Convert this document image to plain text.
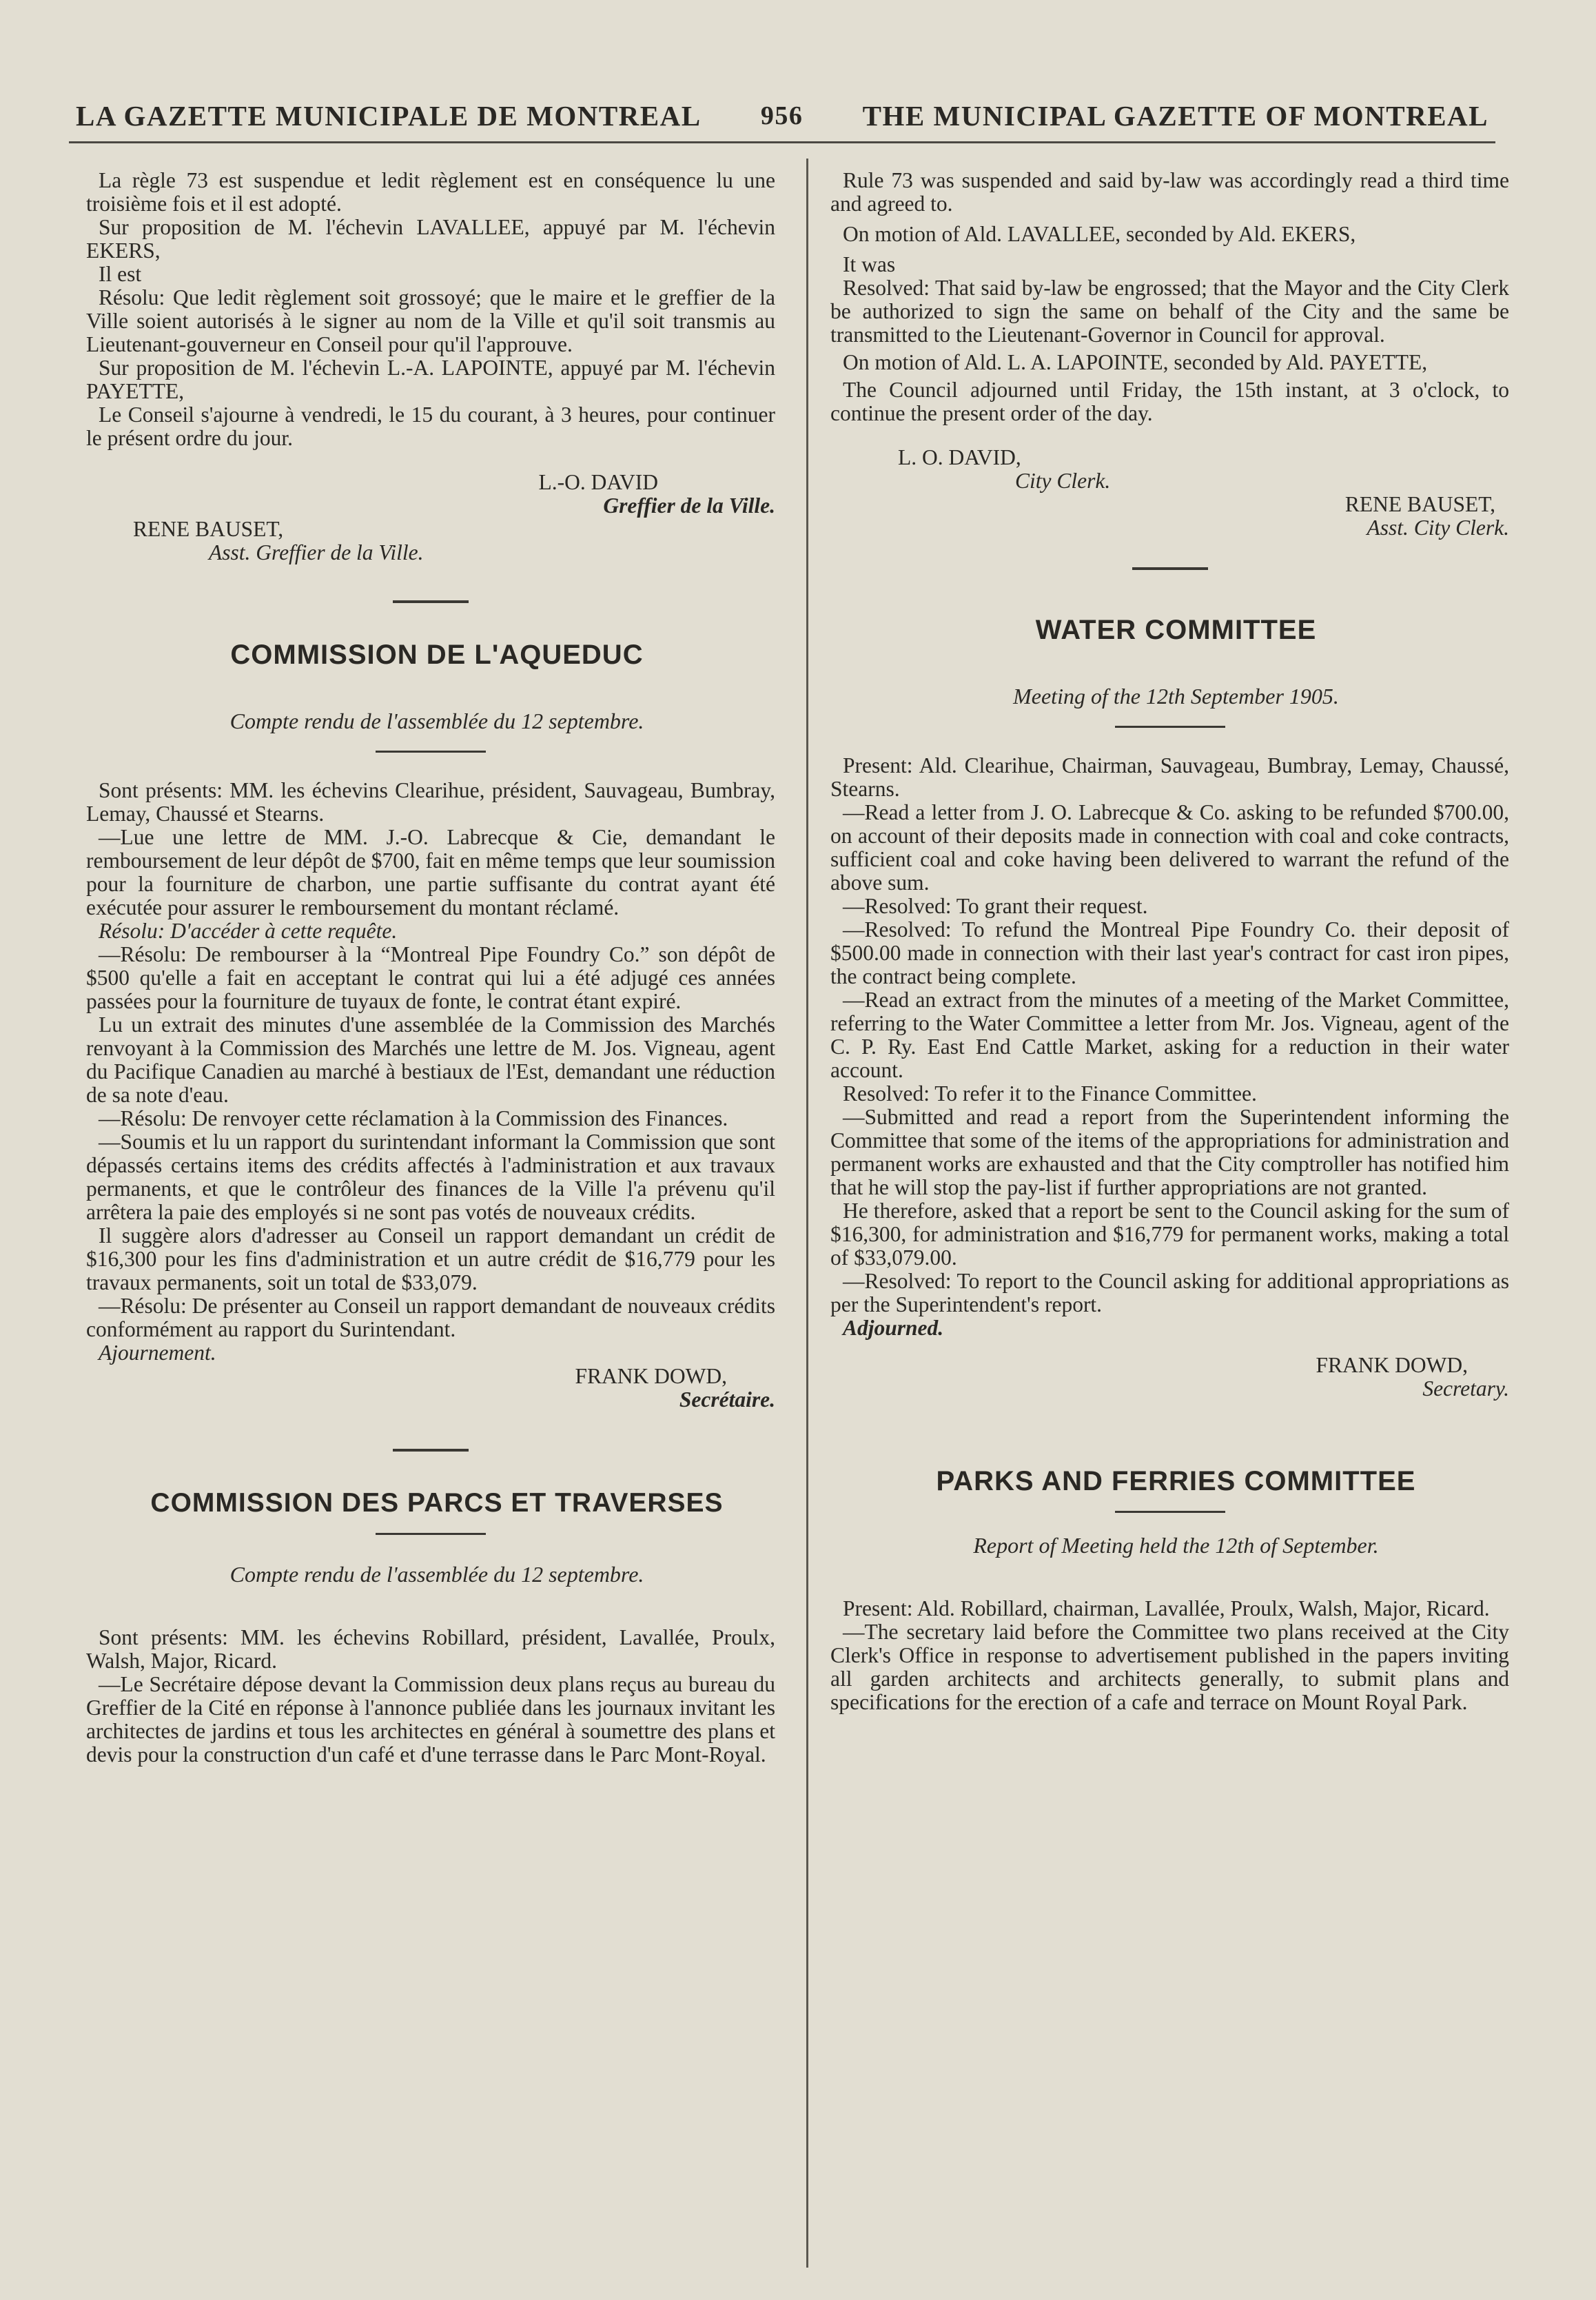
LA GAZETTE MUNICIPALE DE MONTREAL 956 THE MUNICIPAL GAZETTE OF MONTREAL

La règle 73 est suspendue et ledit règlement est en conséquence lu une troisième fois et il est adopté.

Sur proposition de M. l'échevin LAVALLEE, appuyé par M. l'échevin EKERS,

Il est

Résolu: Que ledit règlement soit grossoyé; que le maire et le greffier de la Ville soient autorisés à le signer au nom de la Ville et qu'il soit transmis au Lieutenant-gouverneur en Conseil pour qu'il l'approuve.

Sur proposition de M. l'échevin L.-A. LAPOINTE, appuyé par M. l'échevin PAYETTE,

Le Conseil s'ajourne à vendredi, le 15 du courant, à 3 heures, pour continuer le présent ordre du jour.

L.-O. DAVID

Greffier de la Ville.

RENE BAUSET,

Asst. Greffier de la Ville.

COMMISSION DE L'AQUEDUC

Compte rendu de l'assemblée du 12 septembre.

Sont présents: MM. les échevins Clearihue, président, Sauvageau, Bumbray, Lemay, Chaussé et Stearns.

—Lue une lettre de MM. J.-O. Labrecque & Cie, demandant le remboursement de leur dépôt de $700, fait en même temps que leur soumission pour la fourniture de charbon, une partie suffisante du contrat ayant été exécutée pour assurer le remboursement du montant réclamé.

Résolu: D'accéder à cette requête.

—Résolu: De rembourser à la “Montreal Pipe Foundry Co.” son dépôt de $500 qu'elle a fait en acceptant le contrat qui lui a été adjugé ces années passées pour la fourniture de tuyaux de fonte, le contrat étant expiré.

Lu un extrait des minutes d'une assemblée de la Commission des Marchés renvoyant à la Commission des Marchés une lettre de M. Jos. Vigneau, agent du Pacifique Canadien au marché à bestiaux de l'Est, demandant une réduction de sa note d'eau.

—Résolu: De renvoyer cette réclamation à la Commission des Finances.

—Soumis et lu un rapport du surintendant informant la Commission que sont dépassés certains items des crédits affectés à l'administration et aux travaux permanents, et que le contrôleur des finances de la Ville l'a prévenu qu'il arrêtera la paie des employés si ne sont pas votés de nouveaux crédits.

Il suggère alors d'adresser au Conseil un rapport demandant un crédit de $16,300 pour les fins d'administration et un autre crédit de $16,779 pour les travaux permanents, soit un total de $33,079.

—Résolu: De présenter au Conseil un rapport demandant de nouveaux crédits conformément au rapport du Surintendant.

Ajournement.

FRANK DOWD,

Secrétaire.

COMMISSION DES PARCS ET TRAVERSES

Compte rendu de l'assemblée du 12 septembre.

Sont présents: MM. les échevins Robillard, président, Lavallée, Proulx, Walsh, Major, Ricard.

—Le Secrétaire dépose devant la Commission deux plans reçus au bureau du Greffier de la Cité en réponse à l'annonce publiée dans les journaux invitant les architectes de jardins et tous les architectes en général à soumettre des plans et devis pour la construction d'un café et d'une terrasse dans le Parc Mont-Royal.

Rule 73 was suspended and said by-law was accordingly read a third time and agreed to.

On motion of Ald. LAVALLEE, seconded by Ald. EKERS,

It was

Resolved: That said by-law be engrossed; that the Mayor and the City Clerk be authorized to sign the same on behalf of the City and the same be transmitted to the Lieutenant-Governor in Council for approval.

On motion of Ald. L. A. LAPOINTE, seconded by Ald. PAYETTE,

The Council adjourned until Friday, the 15th instant, at 3 o'clock, to continue the present order of the day.

L. O. DAVID,

City Clerk.

RENE BAUSET,

Asst. City Clerk.

WATER COMMITTEE

Meeting of the 12th September 1905.

Present: Ald. Clearihue, Chairman, Sauvageau, Bumbray, Lemay, Chaussé, Stearns.

—Read a letter from J. O. Labrecque & Co. asking to be refunded $700.00, on account of their deposits made in connection with coal and coke contracts, sufficient coal and coke having been delivered to warrant the refund of the above sum.

—Resolved: To grant their request.

—Resolved: To refund the Montreal Pipe Foundry Co. their deposit of $500.00 made in connection with their last year's contract for cast iron pipes, the contract being complete.

—Read an extract from the minutes of a meeting of the Market Committee, referring to the Water Committee a letter from Mr. Jos. Vigneau, agent of the C. P. Ry. East End Cattle Market, asking for a reduction in their water account.

Resolved: To refer it to the Finance Committee.

—Submitted and read a report from the Superintendent informing the Committee that some of the items of the appropriations for administration and permanent works are exhausted and that the City comptroller has notified him that he will stop the pay-list if further appropriations are not granted.

He therefore, asked that a report be sent to the Council asking for the sum of $16,300, for administration and $16,779 for permanent works, making a total of $33,079.00.

—Resolved: To report to the Council asking for additional appropriations as per the Superintendent's report.

Adjourned.

FRANK DOWD,

Secretary.

PARKS AND FERRIES COMMITTEE

Report of Meeting held the 12th of September.

Present: Ald. Robillard, chairman, Lavallée, Proulx, Walsh, Major, Ricard.

—The secretary laid before the Committee two plans received at the City Clerk's Office in response to advertisement published in the papers inviting all garden architects and architects generally, to submit plans and specifications for the erection of a cafe and terrace on Mount Royal Park.
